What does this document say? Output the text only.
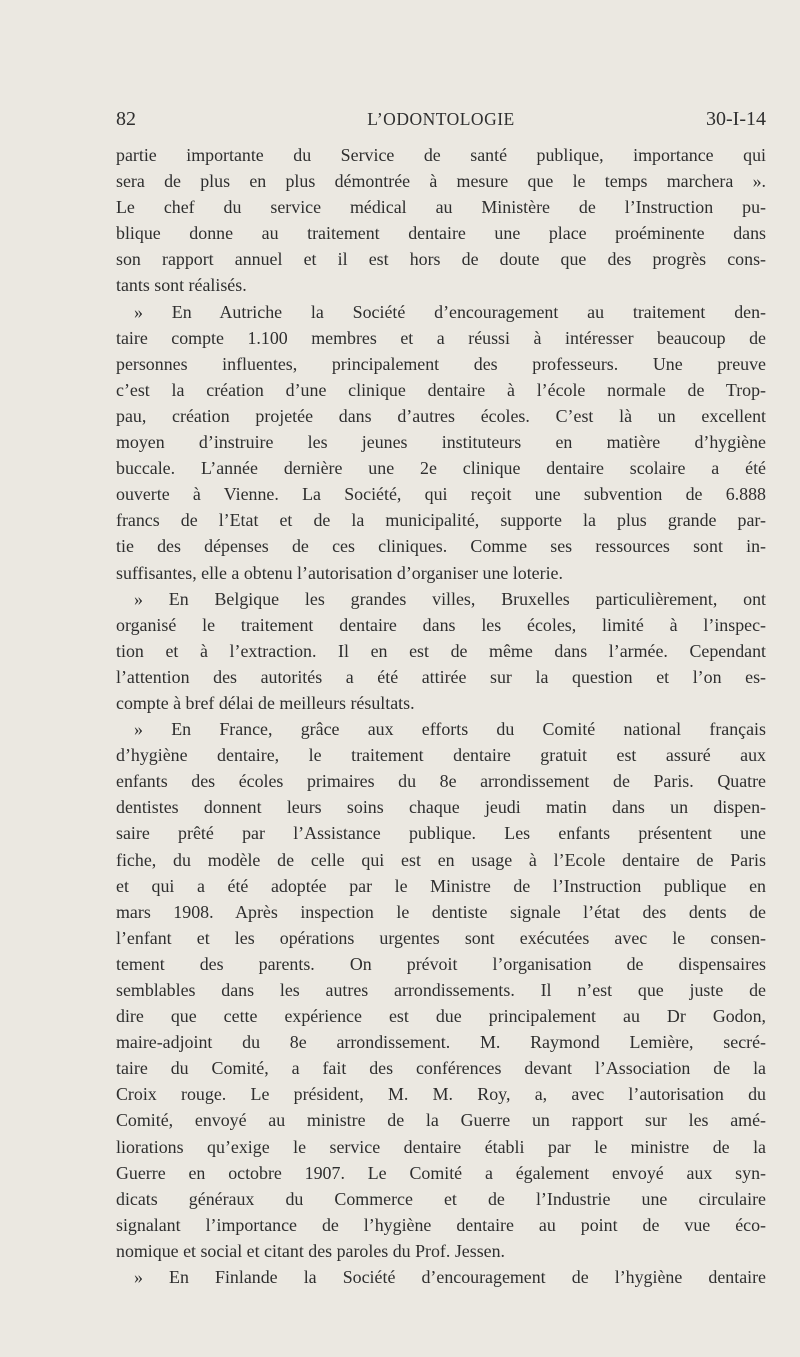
82	L’ODONTOLOGIE	30-I-14
partie importante du Service de santé publique, importance qui
sera de plus en plus démontrée à mesure que le temps marchera ».
Le chef du service médical au Ministère de l’Instruction pu-
blique donne au traitement dentaire une place proéminente dans
son rapport annuel et il est hors de doute que des progrès cons-
tants sont réalisés.
» En Autriche la Société d’encouragement au traitement den-
taire compte 1.100 membres et a réussi à intéresser beaucoup de
personnes influentes, principalement des professeurs. Une preuve
c’est la création d’une clinique dentaire à l’école normale de Trop-
pau, création projetée dans d’autres écoles. C’est là un excellent
moyen d’instruire les jeunes instituteurs en matière d’hygiène
buccale. L’année dernière une 2e clinique dentaire scolaire a été
ouverte à Vienne. La Société, qui reçoit une subvention de 6.888
francs de l’Etat et de la municipalité, supporte la plus grande par-
tie des dépenses de ces cliniques. Comme ses ressources sont in-
suffisantes, elle a obtenu l’autorisation d’organiser une loterie.
» En Belgique les grandes villes, Bruxelles particulièrement, ont
organisé le traitement dentaire dans les écoles, limité à l’inspec-
tion et à l’extraction. Il en est de même dans l’armée. Cependant
l’attention des autorités a été attirée sur la question et l’on es-
compte à bref délai de meilleurs résultats.
» En France, grâce aux efforts du Comité national français
d’hygiène dentaire, le traitement dentaire gratuit est assuré aux
enfants des écoles primaires du 8e arrondissement de Paris. Quatre
dentistes donnent leurs soins chaque jeudi matin dans un dispen-
saire prêté par l’Assistance publique. Les enfants présentent une
fiche, du modèle de celle qui est en usage à l’Ecole dentaire de Paris
et qui a été adoptée par le Ministre de l’Instruction publique en
mars 1908. Après inspection le dentiste signale l’état des dents de
l’enfant et les opérations urgentes sont exécutées avec le consen-
tement des parents. On prévoit l’organisation de dispensaires
semblables dans les autres arrondissements. Il n’est que juste de
dire que cette expérience est due principalement au Dr Godon,
maire-adjoint du 8e arrondissement. M. Raymond Lemière, secré-
taire du Comité, a fait des conférences devant l’Association de la
Croix rouge. Le président, M. M. Roy, a, avec l’autorisation du
Comité, envoyé au ministre de la Guerre un rapport sur les amé-
liorations qu’exige le service dentaire établi par le ministre de la
Guerre en octobre 1907. Le Comité a également envoyé aux syn-
dicats généraux du Commerce et de l’Industrie une circulaire
signalant l’importance de l’hygiène dentaire au point de vue éco-
nomique et social et citant des paroles du Prof. Jessen.
» En Finlande la Société d’encouragement de l’hygiène dentaire
